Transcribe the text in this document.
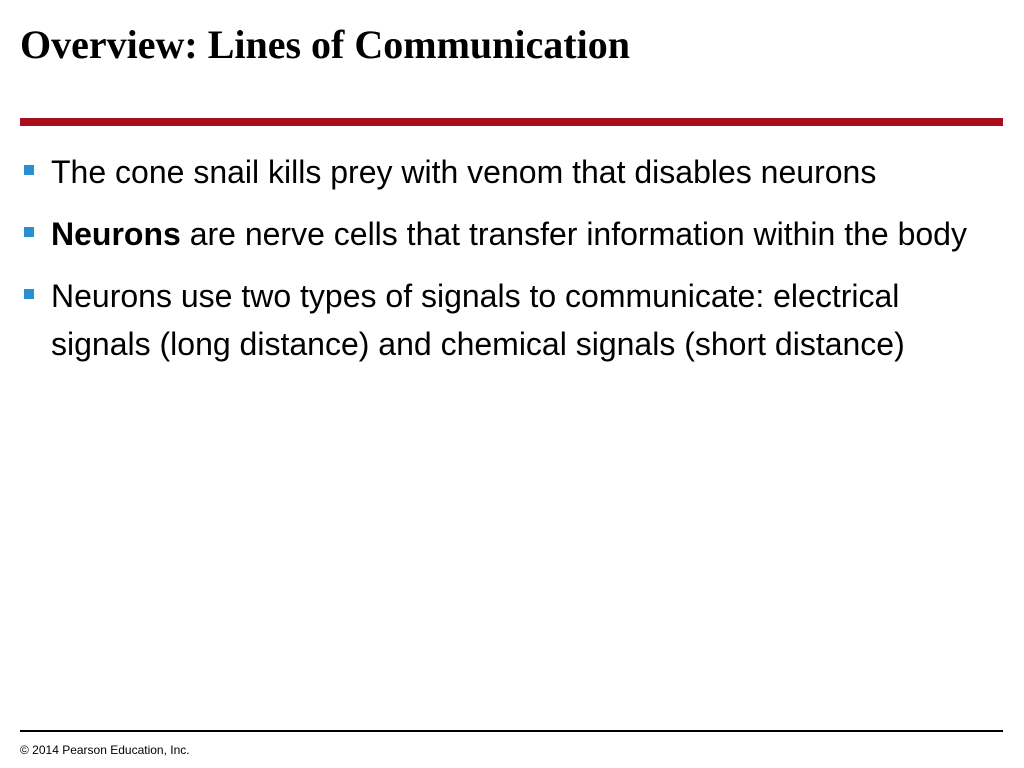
Overview: Lines of Communication
The cone snail kills prey with venom that disables neurons
Neurons are nerve cells that transfer information within the body
Neurons use two types of signals to communicate: electrical signals (long distance) and chemical signals (short distance)
© 2014 Pearson Education, Inc.
